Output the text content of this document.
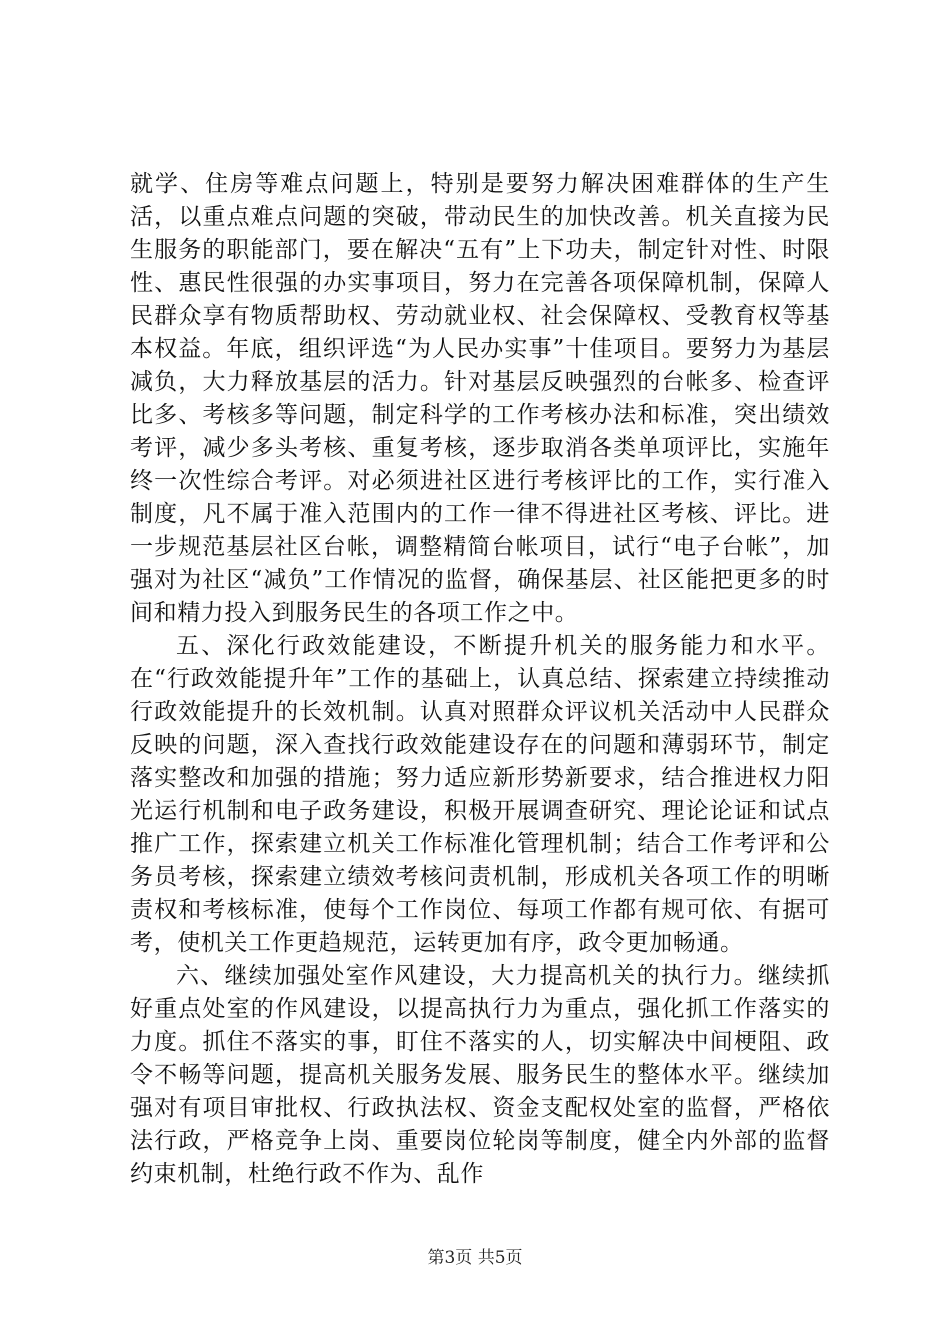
就学、住房等难点问题上，特别是要努力解决困难群体的生产生活，以重点难点问题的突破，带动民生的加快改善。机关直接为民生服务的职能部门，要在解决“五有”上下功夫，制定针对性、时限性、惠民性很强的办实事项目，努力在完善各项保障机制，保障人民群众享有物质帮助权、劳动就业权、社会保障权、受教育权等基本权益。年底，组织评选“为人民办实事”十佳项目。要努力为基层减负，大力释放基层的活力。针对基层反映强烈的台帐多、检查评比多、考核多等问题，制定科学的工作考核办法和标准，突出绩效考评，减少多头考核、重复考核，逐步取消各类单项评比，实施年终一次性综合考评。对必须进社区进行考核评比的工作，实行准入制度，凡不属于准入范围内的工作一律不得进社区考核、评比。进一步规范基层社区台帐，调整精简台帐项目，试行“电子台帐”，加强对为社区“减负”工作情况的监督，确保基层、社区能把更多的时间和精力投入到服务民生的各项工作之中。

五、深化行政效能建设，不断提升机关的服务能力和水平。在“行政效能提升年”工作的基础上，认真总结、探索建立持续推动行政效能提升的长效机制。认真对照群众评议机关活动中人民群众反映的问题，深入查找行政效能建设存在的问题和薄弱环节，制定落实整改和加强的措施；努力适应新形势新要求，结合推进权力阳光运行机制和电子政务建设，积极开展调查研究、理论论证和试点推广工作，探索建立机关工作标准化管理机制；结合工作考评和公务员考核，探索建立绩效考核问责机制，形成机关各项工作的明晰责权和考核标准，使每个工作岗位、每项工作都有规可依、有据可考，使机关工作更趋规范，运转更加有序，政令更加畅通。

六、继续加强处室作风建设，大力提高机关的执行力。继续抓好重点处室的作风建设，以提高执行力为重点，强化抓工作落实的力度。抓住不落实的事，盯住不落实的人，切实解决中间梗阻、政令不畅等问题，提高机关服务发展、服务民生的整体水平。继续加强对有项目审批权、行政执法权、资金支配权处室的监督，严格依法行政，严格竞争上岗、重要岗位轮岗等制度，健全内外部的监督约束机制，杜绝行政不作为、乱作

第3页 共5页
